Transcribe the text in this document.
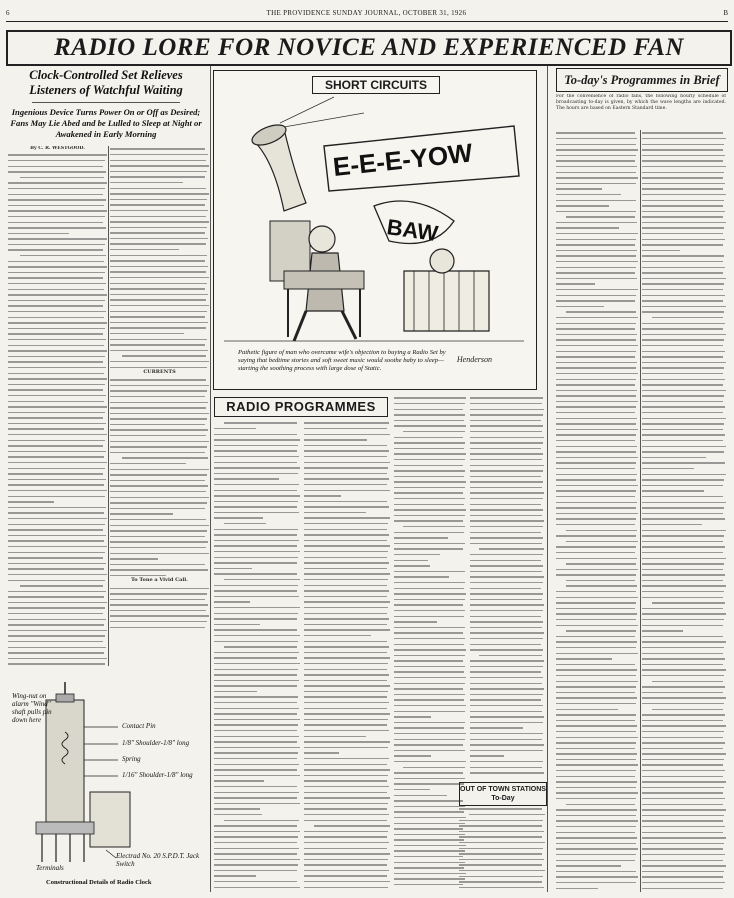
6	THE PROVIDENCE SUNDAY JOURNAL, OCTOBER 31, 1926	B
RADIO LORE FOR NOVICE AND EXPERIENCED FAN
Clock-Controlled Set Relieves Listeners of Watchful Waiting
Ingenious Device Turns Power On or Off as Desired; Fans May Lie Abed and be Lulled to Sleep at Night or Awakened in Early Morning
By C. R. WESTGOOD.
CURRENTS
To Tone a Vivid Call.
Wing-nut on alarm "Wind" shaft pulls pin down here
Contact Pin
1/8" Shoulder-1/8" long
Spring
1/16" Shoulder-1/8" long
Terminals
Electrad No. 20 S.P.D.T. Jack Switch
Constructional Details of Radio Clock
SHORT CIRCUITS
E-E-E-YOW
BAW
Pathetic figure of man who overcame wife's objection to buying a Radio Set by saying that bedtime stories and soft sweet music would soothe baby to sleep—starting the soothing process with large dose of Static.
Henderson
RADIO PROGRAMMES
OUT OF TOWN STATIONS To-Day
To-day's Programmes in Brief
For the convenience of radio fans, the following hourly schedule of broadcasting to-day is given, by which the wave lengths are indicated. The hours are based on Eastern Standard time.
